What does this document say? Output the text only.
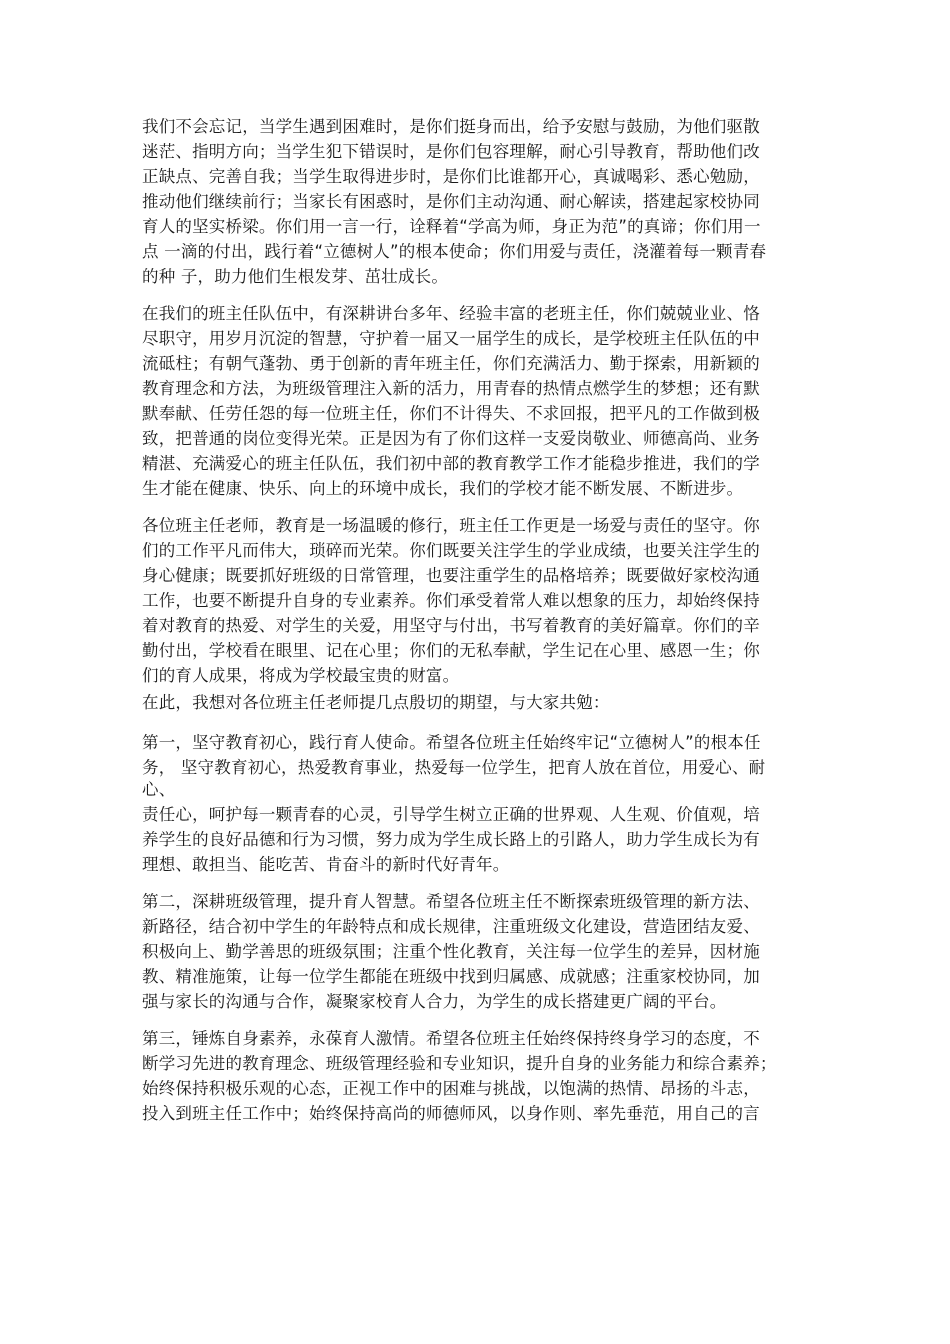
我们不会忘记，当学生遇到困难时，是你们挺身而出，给予安慰与鼓励，为他们驱散
迷茫、指明方向；当学生犯下错误时，是你们包容理解，耐心引导教育，帮助他们改
正缺点、完善自我；当学生取得进步时，是你们比谁都开心，真诚喝彩、悉心勉励，
推动他们继续前行；当家长有困惑时，是你们主动沟通、耐心解读，搭建起家校协同
育人的坚实桥梁。你们用一言一行，诠释着“学高为师，身正为范”的真谛；你们用一
点 一滴的付出，践行着“立德树人”的根本使命；你们用爱与责任，浇灌着每一颗青春
的种 子，助力他们生根发芽、茁壮成长。
在我们的班主任队伍中，有深耕讲台多年、经验丰富的老班主任，你们兢兢业业、恪
尽职守，用岁月沉淀的智慧，守护着一届又一届学生的成长，是学校班主任队伍的中
流砥柱；有朝气蓬勃、勇于创新的青年班主任，你们充满活力、勤于探索，用新颖的
教育理念和方法，为班级管理注入新的活力，用青春的热情点燃学生的梦想；还有默
默奉献、任劳任怨的每一位班主任，你们不计得失、不求回报，把平凡的工作做到极
致，把普通的岗位变得光荣。正是因为有了你们这样一支爱岗敬业、师德高尚、业务
精湛、充满爱心的班主任队伍，我们初中部的教育教学工作才能稳步推进，我们的学
生才能在健康、快乐、向上的环境中成长，我们的学校才能不断发展、不断进步。
各位班主任老师，教育是一场温暖的修行，班主任工作更是一场爱与责任的坚守。你
们的工作平凡而伟大，琐碎而光荣。你们既要关注学生的学业成绩，也要关注学生的
身心健康；既要抓好班级的日常管理，也要注重学生的品格培养；既要做好家校沟通
工作，也要不断提升自身的专业素养。你们承受着常人难以想象的压力，却始终保持
着对教育的热爱、对学生的关爱，用坚守与付出，书写着教育的美好篇章。你们的辛
勤付出，学校看在眼里、记在心里；你们的无私奉献，学生记在心里、感恩一生；你
们的育人成果，将成为学校最宝贵的财富。
在此，我想对各位班主任老师提几点殷切的期望，与大家共勉：
第一，坚守教育初心，践行育人使命。希望各位班主任始终牢记“立德树人”的根本任
务， 坚守教育初心，热爱教育事业，热爱每一位学生，把育人放在首位，用爱心、耐
心、
责任心，呵护每一颗青春的心灵，引导学生树立正确的世界观、人生观、价值观，培
养学生的良好品德和行为习惯，努力成为学生成长路上的引路人，助力学生成长为有
理想、敢担当、能吃苦、肯奋斗的新时代好青年。
第二，深耕班级管理，提升育人智慧。希望各位班主任不断探索班级管理的新方法、
新路径，结合初中学生的年龄特点和成长规律，注重班级文化建设，营造团结友爱、
积极向上、勤学善思的班级氛围；注重个性化教育，关注每一位学生的差异，因材施
教、精准施策，让每一位学生都能在班级中找到归属感、成就感；注重家校协同，加
强与家长的沟通与合作，凝聚家校育人合力，为学生的成长搭建更广阔的平台。
第三，锤炼自身素养，永葆育人激情。希望各位班主任始终保持终身学习的态度，不
断学习先进的教育理念、班级管理经验和专业知识，提升自身的业务能力和综合素养；
始终保持积极乐观的心态，正视工作中的困难与挑战，以饱满的热情、昂扬的斗志，
投入到班主任工作中；始终保持高尚的师德师风，以身作则、率先垂范，用自己的言
